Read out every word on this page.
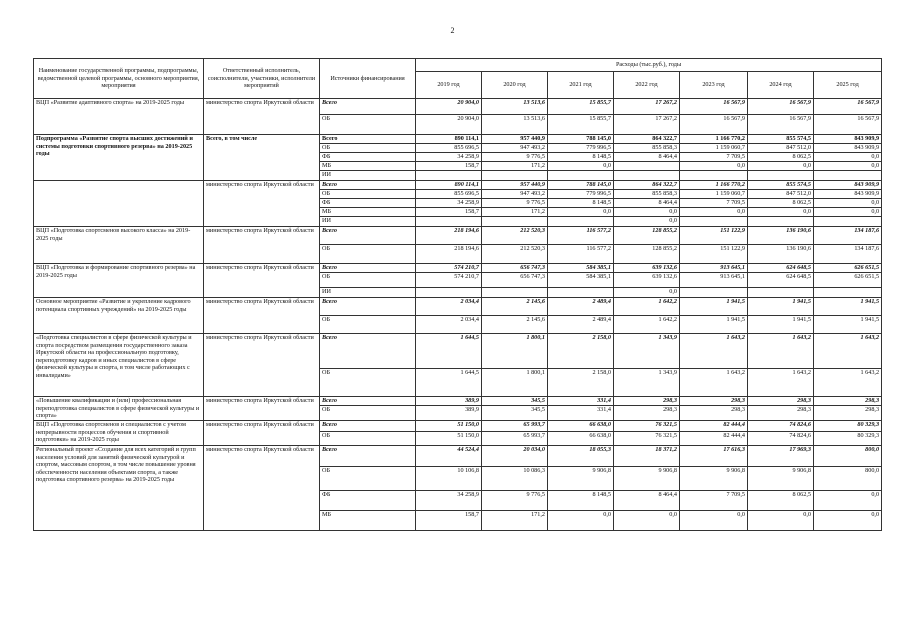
2
Наименование государственной программы, подпрограммы, ведомственной целевой программы, основного мероприятия, мероприятия	Ответственный исполнитель, соисполнители, участники, исполнители мероприятий	Источники финансирования	Расходы (тыс.руб.), годы						
			2019 год	2020 год	2021 год	2022 год	2023 год	2024 год	2025 год
ВЦП «Развитие адаптивного спорта» на 2019-2025 годы	министерство спорта Иркутской области	Всего	20 904,0	13 513,6	15 855,7	17 267,2	16 567,9	16 567,9	16 567,9
		ОБ	20 904,0	13 513,6	15 855,7	17 267,2	16 567,9	16 567,9	16 567,9
Подпрограмма «Развитие спорта высших достижений и системы подготовки спортивного резерва» на 2019-2025 годы	Всего, в том числе	Всего	890 114,1	957 440,9	788 145,0	864 322,7	1 166 770,2	855 574,5	843 909,9
		ОБ	855 696,5	947 493,2	779 996,5	855 858,3	1 159 060,7	847 512,0	843 909,9
		ФБ	34 258,9	9 776,5	8 148,5	8 464,4	7 709,5	8 062,5	0,0
		МБ	158,7	171,2	0,0		0,0	0,0	0,0
		ИИ							
	министерство спорта Иркутской области	Всего	890 114,1	957 440,9	788 145,0	864 322,7	1 166 770,2	855 574,5	843 909,9
		ОБ	855 696,5	947 493,2	779 996,5	855 858,3	1 159 060,7	847 512,0	843 909,9
		ФБ	34 258,9	9 776,5	8 148,5	8 464,4	7 709,5	8 062,5	0,0
		МБ	158,7	171,2	0,0	0,0	0,0	0,0	0,0
		ИИ				0,0			
ВЦП «Подготовка спортсменов высокого класса» на 2019-2025 годы	министерство спорта Иркутской области	Всего	218 194,6	212 520,3	116 577,2	128 855,2	151 122,9	136 190,6	134 187,6
		ОБ	218 194,6	212 520,3	116 577,2	128 855,2	151 122,9	136 190,6	134 187,6
ВЦП «Подготовка и формирование спортивного резерва» на 2019-2025 годы	министерство спорта Иркутской области	Всего	574 210,7	656 747,3	584 385,1	639 132,6	913 645,1	624 648,5	626 651,5
		ОБ	574 210,7	656 747,3	584 385,1	639 132,6	913 645,1	624 648,5	626 651,5
		ИИ				0,0			
Основное мероприятие «Развитие и укрепление кадрового потенциала спортивных учреждений» на 2019-2025 годы	министерство спорта Иркутской области	Всего	2 034,4	2 145,6	2 489,4	1 642,2	1 941,5	1 941,5	1 941,5
		ОБ	2 034,4	2 145,6	2 489,4	1 642,2	1 941,5	1 941,5	1 941,5
«Подготовка специалистов в сфере физической культуры и спорта посредством размещения государственного заказа Иркутской области на профессиональную подготовку, переподготовку кадров и иных специалистов в сфере физической культуры и спорта, в том числе работающих с инвалидами»	министерство спорта Иркутской области	Всего	1 644,5	1 800,1	2 158,0	1 343,9	1 643,2	1 643,2	1 643,2
		ОБ	1 644,5	1 800,1	2 158,0	1 343,9	1 643,2	1 643,2	1 643,2
«Повышение квалификации и (или) профессиональная переподготовка специалистов в сфере физической культуры и спорта»	министерство спорта Иркутской области	Всего	389,9	345,5	331,4	298,3	298,3	298,3	298,3
		ОБ	389,9	345,5	331,4	298,3	298,3	298,3	298,3
ВЦП «Подготовка спортсменов и специалистов с учетом непрерывности процессов обучения и спортивной подготовки» на 2019-2025 годы	министерство спорта Иркутской области	Всего	51 150,0	65 993,7	66 638,0	76 321,5	82 444,4	74 824,6	80 329,3
		ОБ	51 150,0	65 993,7	66 638,0	76 321,5	82 444,4	74 824,6	80 329,3
Региональный проект «Создание для всех категорий и групп населения условий для занятий физической культурой и спортом, массовым спортом, в том числе повышение уровня обеспеченности населения объектами спорта, а также подготовка спортивного резерва» на 2019-2025 годы	министерство спорта Иркутской области	Всего	44 524,4	20 034,0	18 055,3	18 371,2	17 616,3	17 969,3	800,0
		ОБ	10 106,8	10 086,3	9 906,8	9 906,8	9 906,8	9 906,8	800,0
		ФБ	34 258,9	9 776,5	8 148,5	8 464,4	7 709,5	8 062,5	0,0
		МБ	158,7	171,2	0,0	0,0	0,0	0,0	0,0
